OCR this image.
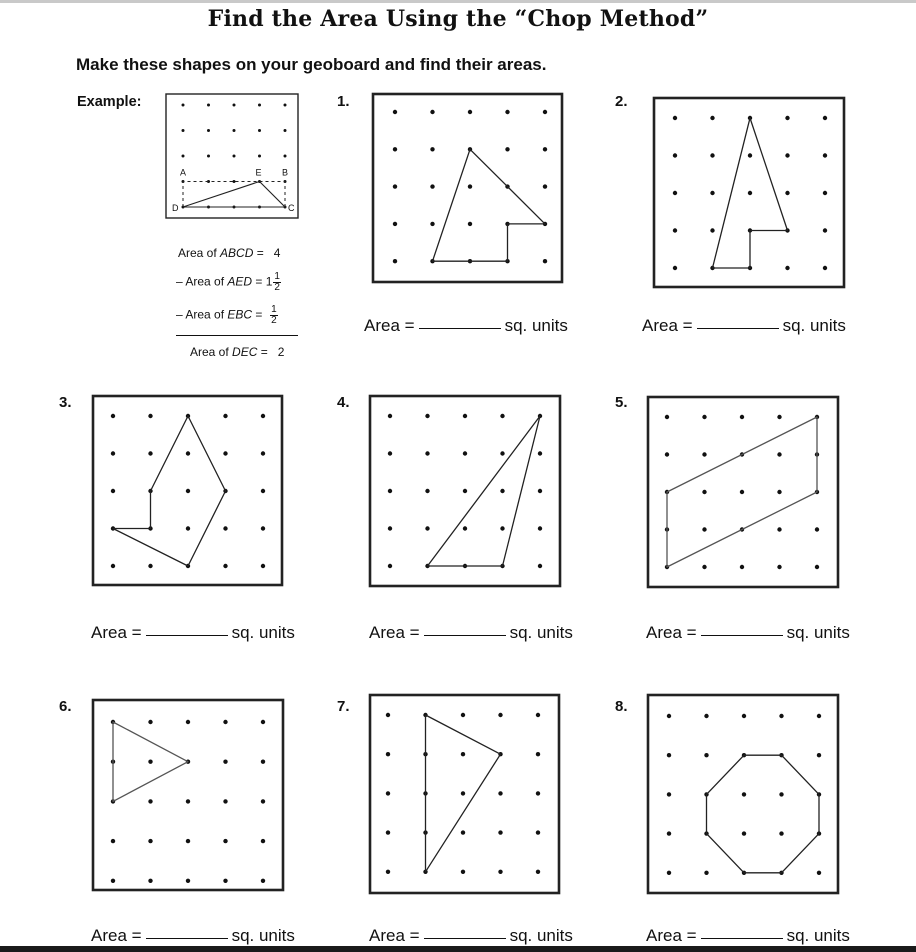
Find the Area Using the “Chop Method”
Make these shapes on your geoboard and find their areas.
Example:	1.	2.
3.	4.	5.
6.	7.	8.
Area of ABCD =   4
– Area of AED = $1 \frac{1}{2}$
– Area of EBC = $\frac{1}{2}$
Area of DEC =   2
Area =	sq. units	Area =	sq. units
Area =	sq. units	Area =	sq. units	Area =	sq. units
Area =	sq. units	Area =	sq. units	Area =	sq. units
A	E B
C
D
